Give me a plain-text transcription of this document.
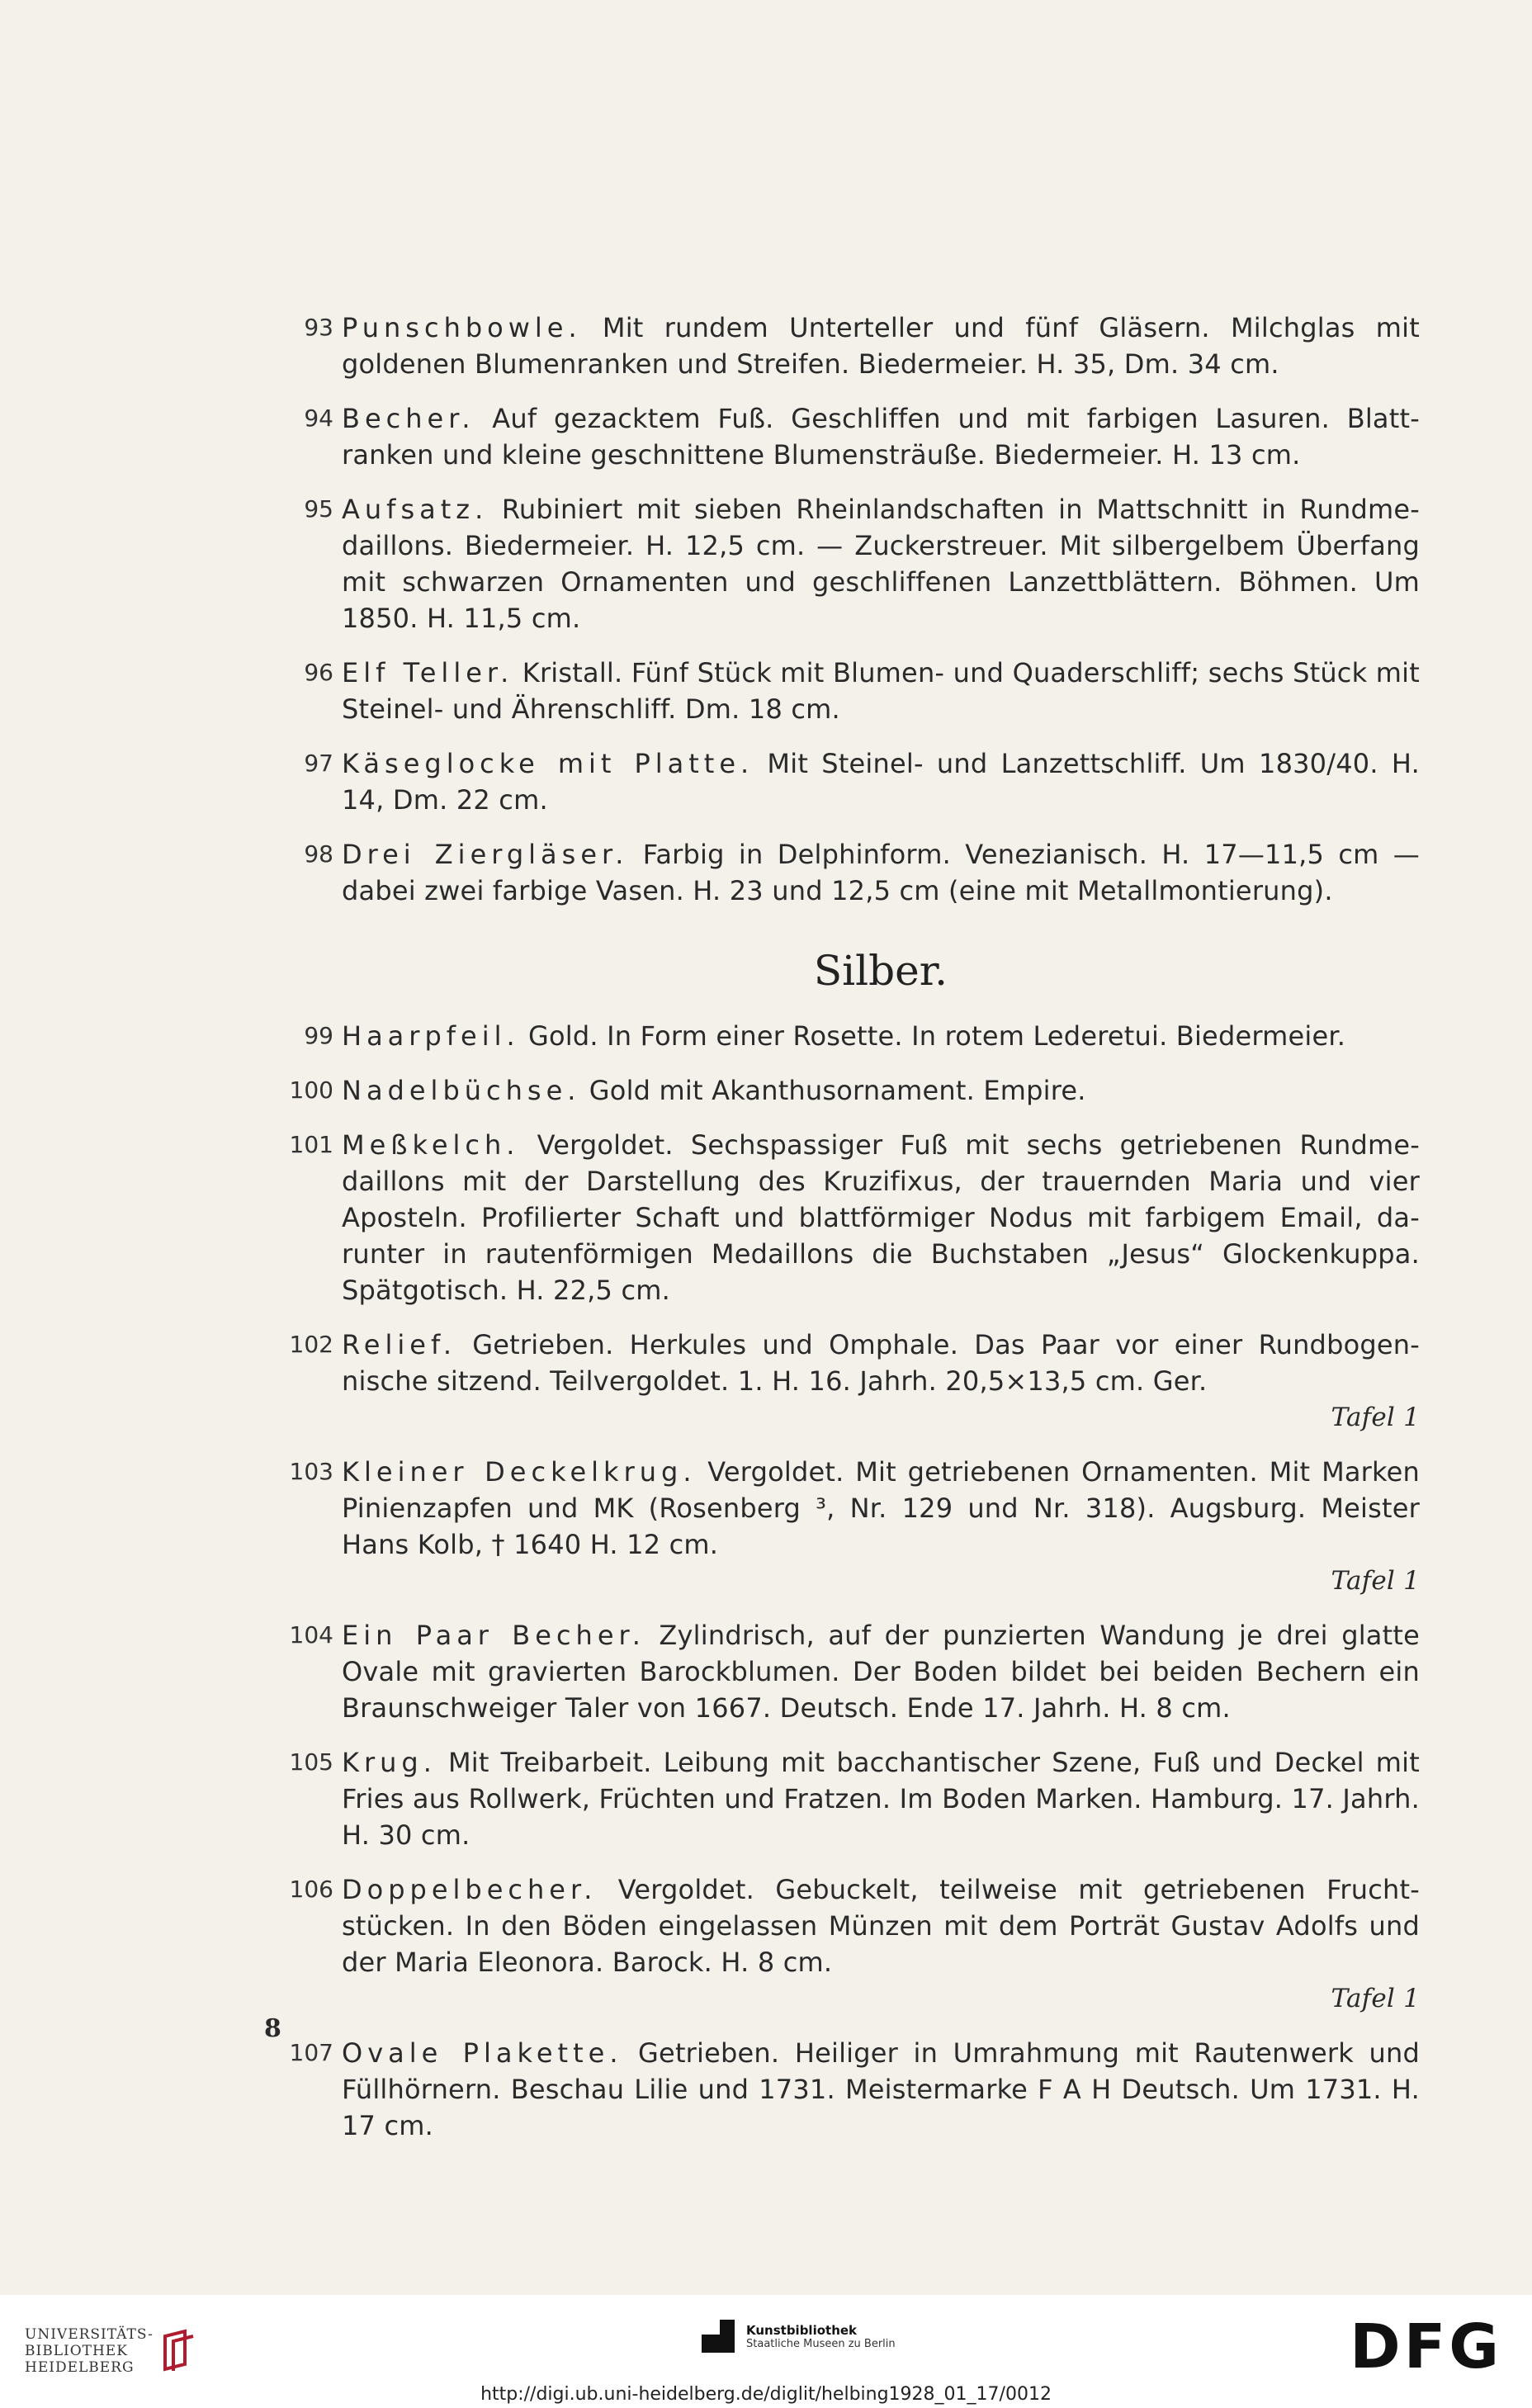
93 Punschbowle. Mit rundem Unterteller und fünf Gläsern. Milchglas mit goldenen Blumenranken und Streifen. Biedermeier. H. 35, Dm. 34 cm.
94 Becher. Auf gezacktem Fuß. Geschliffen und mit farbigen Lasuren. Blatt-ranken und kleine geschnittene Blumensträuße. Biedermeier. H. 13 cm.
95 Aufsatz. Rubiniert mit sieben Rheinlandschaften in Mattschnitt in Rundme-daillons. Biedermeier. H. 12,5 cm. — Zuckerstreuer. Mit silbergelbem Überfang mit schwarzen Ornamenten und geschliffenen Lanzettblättern. Böhmen. Um 1850. H. 11,5 cm.
96 Elf Teller. Kristall. Fünf Stück mit Blumen- und Quaderschliff; sechs Stück mit Steinel- und Ährenschliff. Dm. 18 cm.
97 Käseglocke mit Platte. Mit Steinel- und Lanzettschliff. Um 1830/40. H. 14, Dm. 22 cm.
98 Drei Ziergläser. Farbig in Delphinform. Venezianisch. H. 17—11,5 cm — dabei zwei farbige Vasen. H. 23 und 12,5 cm (eine mit Metallmontierung).
Silber.
99 Haarpfeil. Gold. In Form einer Rosette. In rotem Lederetui. Biedermeier.
100 Nadelbüchse. Gold mit Akanthusornament. Empire.
101 Meßkelch. Vergoldet. Sechspassiger Fuß mit sechs getriebenen Rundme-daillons mit der Darstellung des Kruzifixus, der trauernden Maria und vier Aposteln. Profilierter Schaft und blattförmiger Nodus mit farbigem Email, da-runter in rautenförmigen Medaillons die Buchstaben „Jesus“ Glockenkuppa. Spätgotisch. H. 22,5 cm.
102 Relief. Getrieben. Herkules und Omphale. Das Paar vor einer Rundbogen-nische sitzend. Teilvergoldet. 1. H. 16. Jahrh. 20,5×13,5 cm. Ger.
Tafel 1
103 Kleiner Deckelkrug. Vergoldet. Mit getriebenen Ornamenten. Mit Marken Pinienzapfen und MK (Rosenberg ³, Nr. 129 und Nr. 318). Augsburg. Meister Hans Kolb, † 1640 H. 12 cm.
Tafel 1
104 Ein Paar Becher. Zylindrisch, auf der punzierten Wandung je drei glatte Ovale mit gravierten Barockblumen. Der Boden bildet bei beiden Bechern ein Braunschweiger Taler von 1667. Deutsch. Ende 17. Jahrh. H. 8 cm.
105 Krug. Mit Treibarbeit. Leibung mit bacchantischer Szene, Fuß und Deckel mit Fries aus Rollwerk, Früchten und Fratzen. Im Boden Marken. Hamburg. 17. Jahrh. H. 30 cm.
106 Doppelbecher. Vergoldet. Gebuckelt, teilweise mit getriebenen Frucht-stücken. In den Böden eingelassen Münzen mit dem Porträt Gustav Adolfs und der Maria Eleonora. Barock. H. 8 cm.
Tafel 1
107 Ovale Plakette. Getrieben. Heiliger in Umrahmung mit Rautenwerk und Füllhörnern. Beschau Lilie und 1731. Meistermarke F A H Deutsch. Um 1731. H. 17 cm.
8
UNIVERSITÄTS-
BIBLIOTHEK
HEIDELBERG
Kunstbibliothek
Staatliche Museen zu Berlin	DFG
http://digi.ub.uni-heidelberg.de/diglit/helbing1928_01_17/0012
